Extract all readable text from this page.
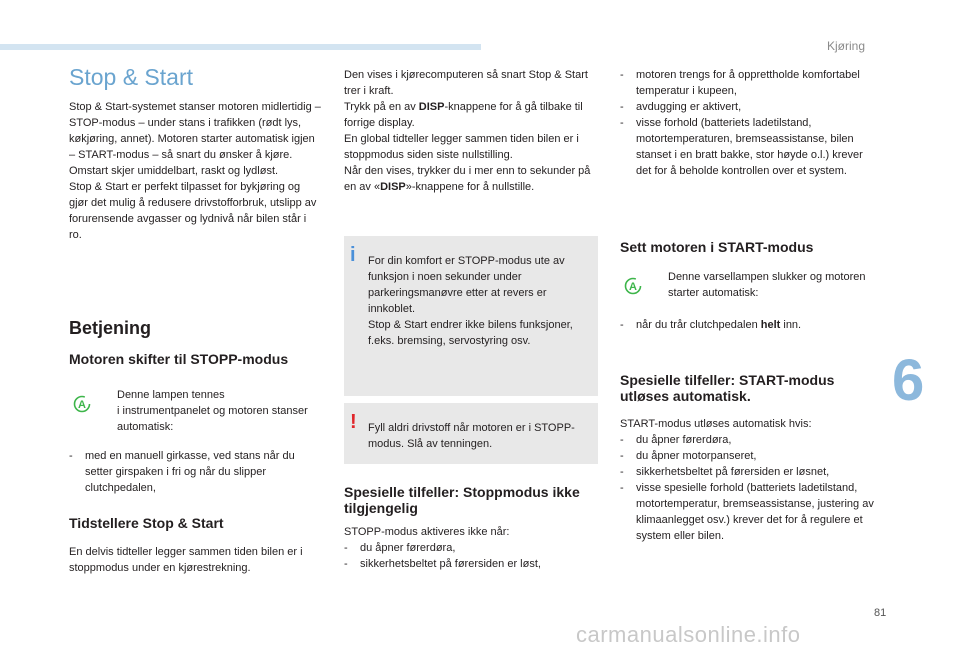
Kjøring
6
Stop & Start

Stop & Start-systemet stanser motoren midlertidig – STOP-modus – under stans i trafikken (rødt lys, køkjøring, annet). Motoren starter automatisk igjen – START-modus – så snart du ønsker å kjøre. Omstart skjer umiddelbart, raskt og lydløst.
Stop & Start er perfekt tilpasset for bykjøring og gjør det mulig å redusere drivstofforbruk, utslipp av forurensende avgasser og lydnivå når bilen står i ro.

Betjening
Motoren skifter til STOPP-modus
A

Denne lampen tennes
i instrumentpanelet og motoren stanser automatisk:

- med en manuell girkasse, ved stans når du setter girspaken i fri og når du slipper clutchpedalen,
Tidstellere Stop & Start

En delvis tidteller legger sammen tiden bilen er i stoppmodus under en kjørestrekning.

Den vises i kjørecomputeren så snart Stop & Start trer i kraft.

Trykk på en av DISP-knappene for å gå tilbake til forrige display.

En global tidteller legger sammen tiden bilen er i stoppmodus siden siste nullstilling.

Når den vises, trykker du i mer enn to sekunder på en av «DISP»-knappene for å nullstille.

i For din komfort er STOPP-modus ute av funksjon i noen sekunder under parkeringsmanøvre etter at revers er innkoblet.
Stop & Start endrer ikke bilens funksjoner, f.eks. bremsing, servostyring osv.

! Fyll aldri drivstoff når motoren er i STOPP-modus. Slå av tenningen.

Spesielle tilfeller: Stoppmodus ikke tilgjengelig

STOPP-modus aktiveres ikke når:

- du åpner førerdøra,
- sikkerhetsbeltet på førersiden er løst,
- motoren trengs for å opprettholde komfortabel temperatur i kupeen,
- avdugging er aktivert,
- visse forhold (batteriets ladetilstand, motortemperaturen, bremseassistanse, bilen stanset i en bratt bakke, stor høyde o.l.) krever det for å beholde kontrollen over et system.
Sett motoren i START-modus
A

Denne varsellampen slukker og motoren starter automatisk:

- når du trår clutchpedalen helt inn.
Spesielle tilfeller: START-modus utløses automatisk.

START-modus utløses automatisk hvis:

- du åpner førerdøra,
- du åpner motorpanseret,
- sikkerhetsbeltet på førersiden er løsnet,
- visse spesielle forhold (batteriets ladetilstand, motortemperatur, bremseassistanse, justering av klimaanlegget osv.) krever det for å regulere et system eller bilen.
81
carmanualsonline.info
